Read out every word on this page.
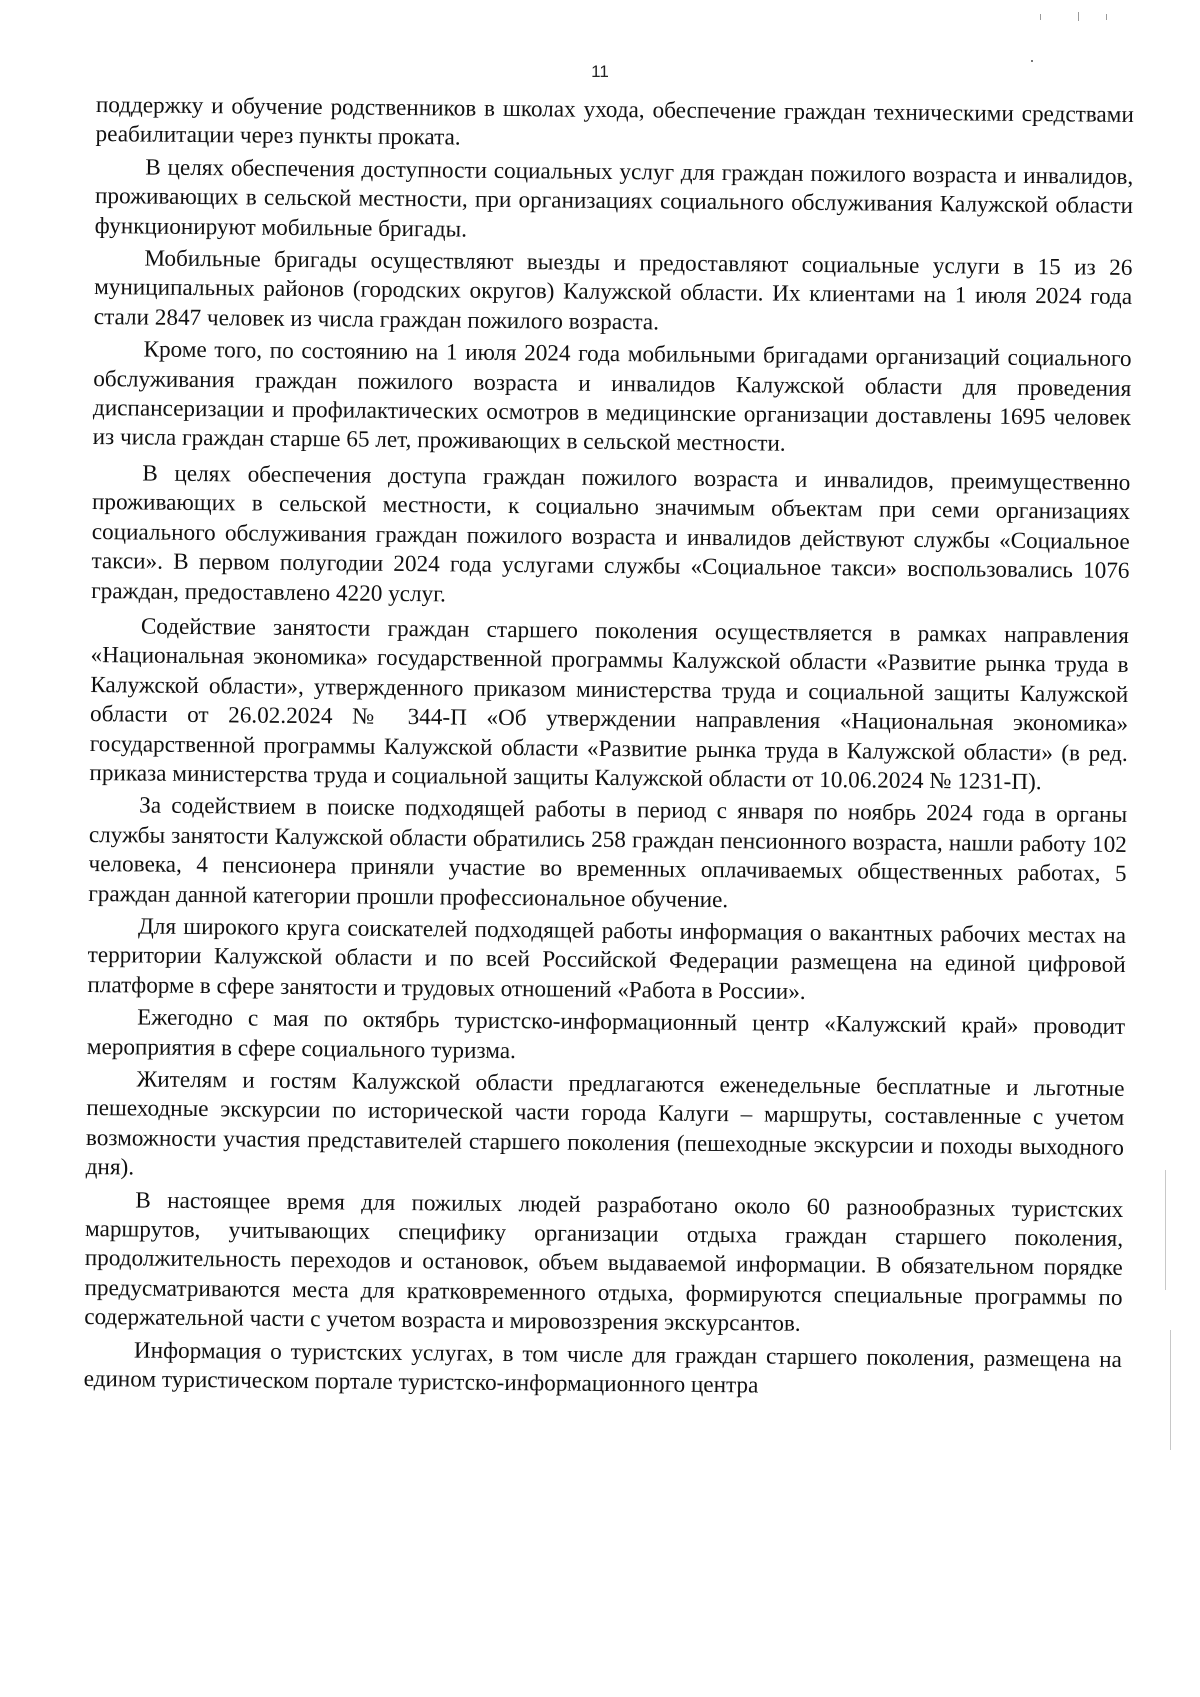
11

поддержку и обучение родственников в школах ухода, обеспечение граждан техническими средствами реабилитации через пункты проката.

В целях обеспечения доступности социальных услуг для граждан пожилого возраста и инвалидов, проживающих в сельской местности, при организациях социального обслуживания Калужской области функционируют мобильные бригады.

Мобильные бригады осуществляют выезды и предоставляют социальные услуги в 15 из 26 муниципальных районов (городских округов) Калужской области. Их клиентами на 1 июля 2024 года стали 2847 человек из числа граждан пожилого возраста.

Кроме того, по состоянию на 1 июля 2024 года мобильными бригадами организаций социального обслуживания граждан пожилого возраста и инвалидов Калужской области для проведения диспансеризации и профилактических осмотров в медицинские организации доставлены 1695 человек из числа граждан старше 65 лет, проживающих в сельской местности.

В целях обеспечения доступа граждан пожилого возраста и инвалидов, преимущественно проживающих в сельской местности, к социально значимым объектам при семи организациях социального обслуживания граждан пожилого возраста и инвалидов действуют службы «Социальное такси». В первом полугодии 2024 года услугами службы «Социальное такси» воспользовались 1076 граждан, предоставлено 4220 услуг.

Содействие занятости граждан старшего поколения осуществляется в рамках направления «Национальная экономика» государственной программы Калужской области «Развитие рынка труда в Калужской области», утвержденного приказом министерства труда и социальной защиты Калужской области от 26.02.2024 № 344-П «Об утверждении направления «Национальная экономика» государственной программы Калужской области «Развитие рынка труда в Калужской области» (в ред. приказа министерства труда и социальной защиты Калужской области от 10.06.2024 № 1231-П).

За содействием в поиске подходящей работы в период с января по ноябрь 2024 года в органы службы занятости Калужской области обратились 258 граждан пенсионного возраста, нашли работу 102 человека, 4 пенсионера приняли участие во временных оплачиваемых общественных работах, 5 граждан данной категории прошли профессиональное обучение.

Для широкого круга соискателей подходящей работы информация о вакантных рабочих местах на территории Калужской области и по всей Российской Федерации размещена на единой цифровой платформе в сфере занятости и трудовых отношений «Работа в России».

Ежегодно с мая по октябрь туристско-информационный центр «Калужский край» проводит мероприятия в сфере социального туризма.

Жителям и гостям Калужской области предлагаются еженедельные бесплатные и льготные пешеходные экскурсии по исторической части города Калуги – маршруты, составленные с учетом возможности участия представителей старшего поколения (пешеходные экскурсии и походы выходного дня).

В настоящее время для пожилых людей разработано около 60 разнообразных туристских маршрутов, учитывающих специфику организации отдыха граждан старшего поколения, продолжительность переходов и остановок, объем выдаваемой информации. В обязательном порядке предусматриваются места для кратковременного отдыха, формируются специальные программы по содержательной части с учетом возраста и мировоззрения экскурсантов.

Информация о туристских услугах, в том числе для граждан старшего поколения, размещена на едином туристическом портале туристско-информационного центра
